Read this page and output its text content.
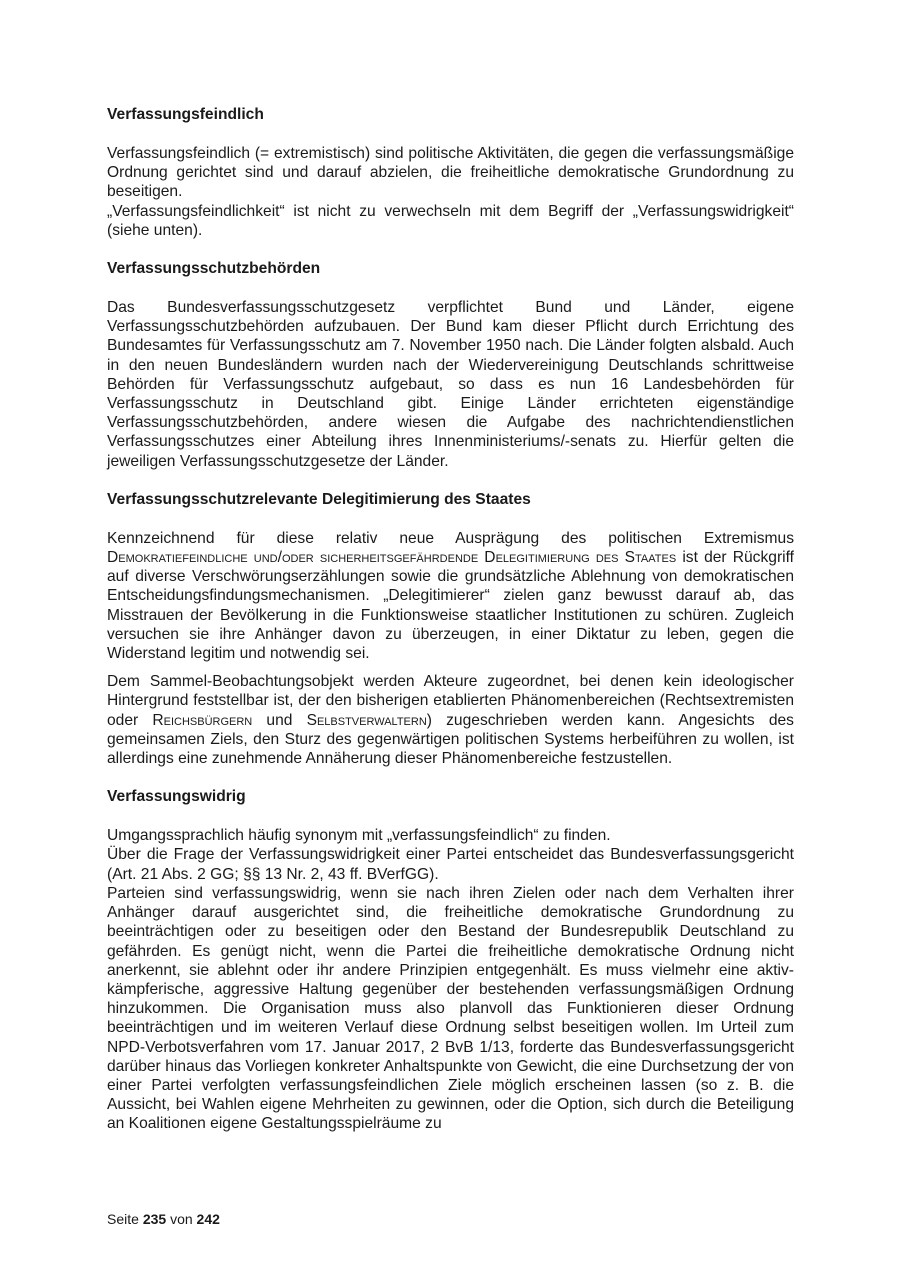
Verfassungsfeindlich

Verfassungsfeindlich (= extremistisch) sind politische Aktivitäten, die gegen die verfassungsmäßige Ordnung gerichtet sind und darauf abzielen, die freiheitliche demokratische Grundordnung zu beseitigen.

„Verfassungsfeindlichkeit“ ist nicht zu verwechseln mit dem Begriff der „Verfassungswidrigkeit“ (siehe unten).

Verfassungsschutzbehörden

Das Bundesverfassungsschutzgesetz verpflichtet Bund und Länder, eigene Verfassungsschutzbehörden aufzubauen. Der Bund kam dieser Pflicht durch Errichtung des Bundesamtes für Verfassungsschutz am 7. November 1950 nach. Die Länder folgten alsbald. Auch in den neuen Bundesländern wurden nach der Wiedervereinigung Deutschlands schrittweise Behörden für Verfassungsschutz aufgebaut, so dass es nun 16 Landesbehörden für Verfassungsschutz in Deutschland gibt. Einige Länder errichteten eigenständige Verfassungsschutzbehörden, andere wiesen die Aufgabe des nachrichtendienstlichen Verfassungsschutzes einer Abteilung ihres Innenministeriums/-senats zu. Hierfür gelten die jeweiligen Verfassungsschutzgesetze der Länder.

Verfassungsschutzrelevante Delegitimierung des Staates

Kennzeichnend für diese relativ neue Ausprägung des politischen Extremismus Demokratiefeindliche und/oder sicherheitsgefährdende Delegitimierung des Staates ist der Rückgriff auf diverse Verschwörungserzählungen sowie die grundsätzliche Ablehnung von demokratischen Entscheidungsfindungsmechanismen. „Delegitimierer“ zielen ganz bewusst darauf ab, das Misstrauen der Bevölkerung in die Funktionsweise staatlicher Institutionen zu schüren. Zugleich versuchen sie ihre Anhänger davon zu überzeugen, in einer Diktatur zu leben, gegen die Widerstand legitim und notwendig sei.

Dem Sammel-Beobachtungsobjekt werden Akteure zugeordnet, bei denen kein ideologischer Hintergrund feststellbar ist, der den bisherigen etablierten Phänomenbereichen (Rechtsextremisten oder Reichsbürgern und Selbstverwaltern) zugeschrieben werden kann. Angesichts des gemeinsamen Ziels, den Sturz des gegenwärtigen politischen Systems herbeiführen zu wollen, ist allerdings eine zunehmende Annäherung dieser Phänomenbereiche festzustellen.

Verfassungswidrig

Umgangssprachlich häufig synonym mit „verfassungsfeindlich“ zu finden.

Über die Frage der Verfassungswidrigkeit einer Partei entscheidet das Bundesverfassungsgericht (Art. 21 Abs. 2 GG; §§ 13 Nr. 2, 43 ff. BVerfGG).

Parteien sind verfassungswidrig, wenn sie nach ihren Zielen oder nach dem Verhalten ihrer Anhänger darauf ausgerichtet sind, die freiheitliche demokratische Grundordnung zu beeinträchtigen oder zu beseitigen oder den Bestand der Bundesrepublik Deutschland zu gefährden. Es genügt nicht, wenn die Partei die freiheitliche demokratische Ordnung nicht anerkennt, sie ablehnt oder ihr andere Prinzipien entgegenhält. Es muss vielmehr eine aktiv-kämpferische, aggressive Haltung gegenüber der bestehenden verfassungsmäßigen Ordnung hinzukommen. Die Organisation muss also planvoll das Funktionieren dieser Ordnung beeinträchtigen und im weiteren Verlauf diese Ordnung selbst beseitigen wollen. Im Urteil zum NPD-Verbotsverfahren vom 17. Januar 2017, 2 BvB 1/13, forderte das Bundesverfassungsgericht darüber hinaus das Vorliegen konkreter Anhaltspunkte von Gewicht, die eine Durchsetzung der von einer Partei verfolgten verfassungsfeindlichen Ziele möglich erscheinen lassen (so z. B. die Aussicht, bei Wahlen eigene Mehrheiten zu gewinnen, oder die Option, sich durch die Beteiligung an Koalitionen eigene Gestaltungsspielräume zu

Seite 235 von 242
